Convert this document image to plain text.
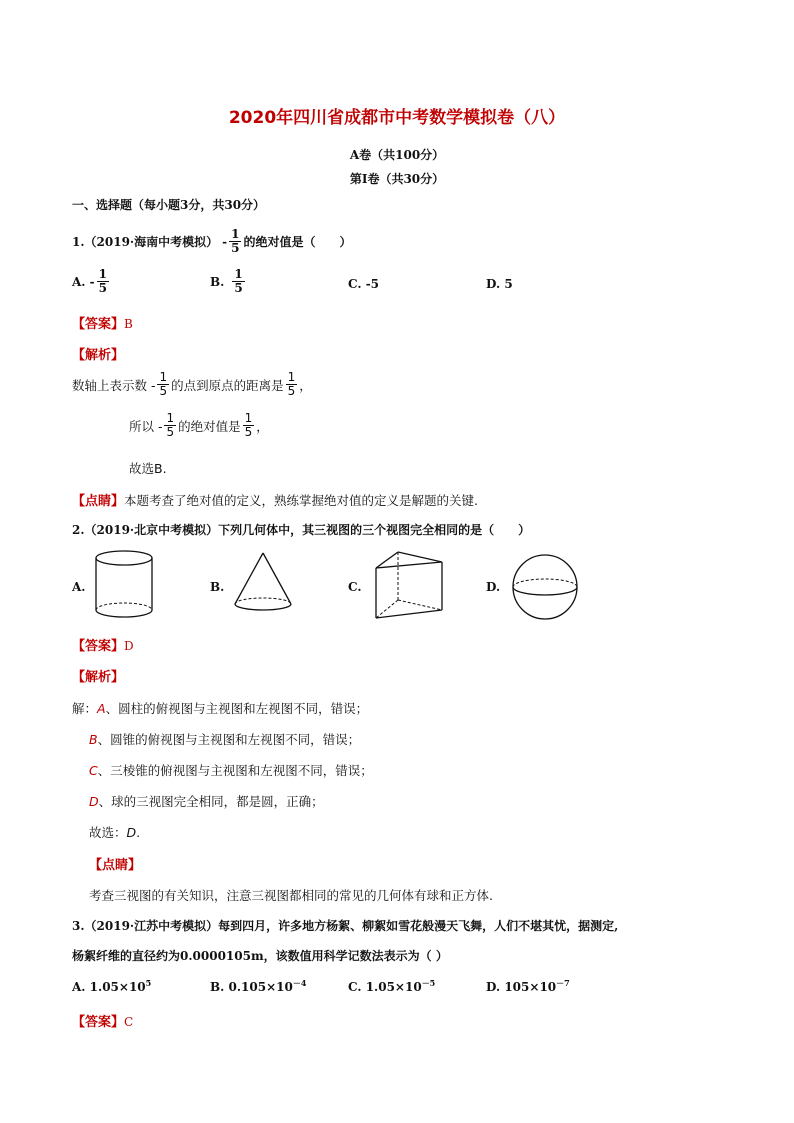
2020年四川省成都市中考数学模拟卷（八）
A卷（共100分）
第Ⅰ卷（共30分）
一、选择题（每小题3分，共30分）
1.（2019·海南中考模拟） - $\frac{1}{5}$ 的绝对值是（　　）
A. - $\frac{1}{5}$	B. $\frac{1}{5}$	C. -5	D. 5
【答案】B
【解析】
数轴上表示数 - $\frac{1}{5}$ 的点到原点的距离是 $\frac{1}{5}$ ，
所以 - $\frac{1}{5}$ 的绝对值是 $\frac{1}{5}$ ，
故选B.
【点睛】本题考查了绝对值的定义，熟练掌握绝对值的定义是解题的关键.
2.（2019·北京中考模拟）下列几何体中，其三视图的三个视图完全相同的是（　　）
A.	B.	C.	D.
【答案】D
【解析】
解：A、圆柱的俯视图与主视图和左视图不同，错误；
B、圆锥的俯视图与主视图和左视图不同，错误；
C、三棱锥的俯视图与主视图和左视图不同，错误；
D、球的三视图完全相同，都是圆，正确；
故选：D.
【点睛】
考查三视图的有关知识，注意三视图都相同的常见的几何体有球和正方体.
3.（2019·江苏中考模拟）每到四月，许多地方杨絮、柳絮如雪花般漫天飞舞，人们不堪其忧，据测定,
杨絮纤维的直径约为0.0000105m，该数值用科学记数法表示为（ ）
A. $1.05\times 10^5$	B. $0.105\times 10^{-4}$	C. $1.05\times 10^{-5}$	D. $105\times 10^{-7}$
【答案】C
